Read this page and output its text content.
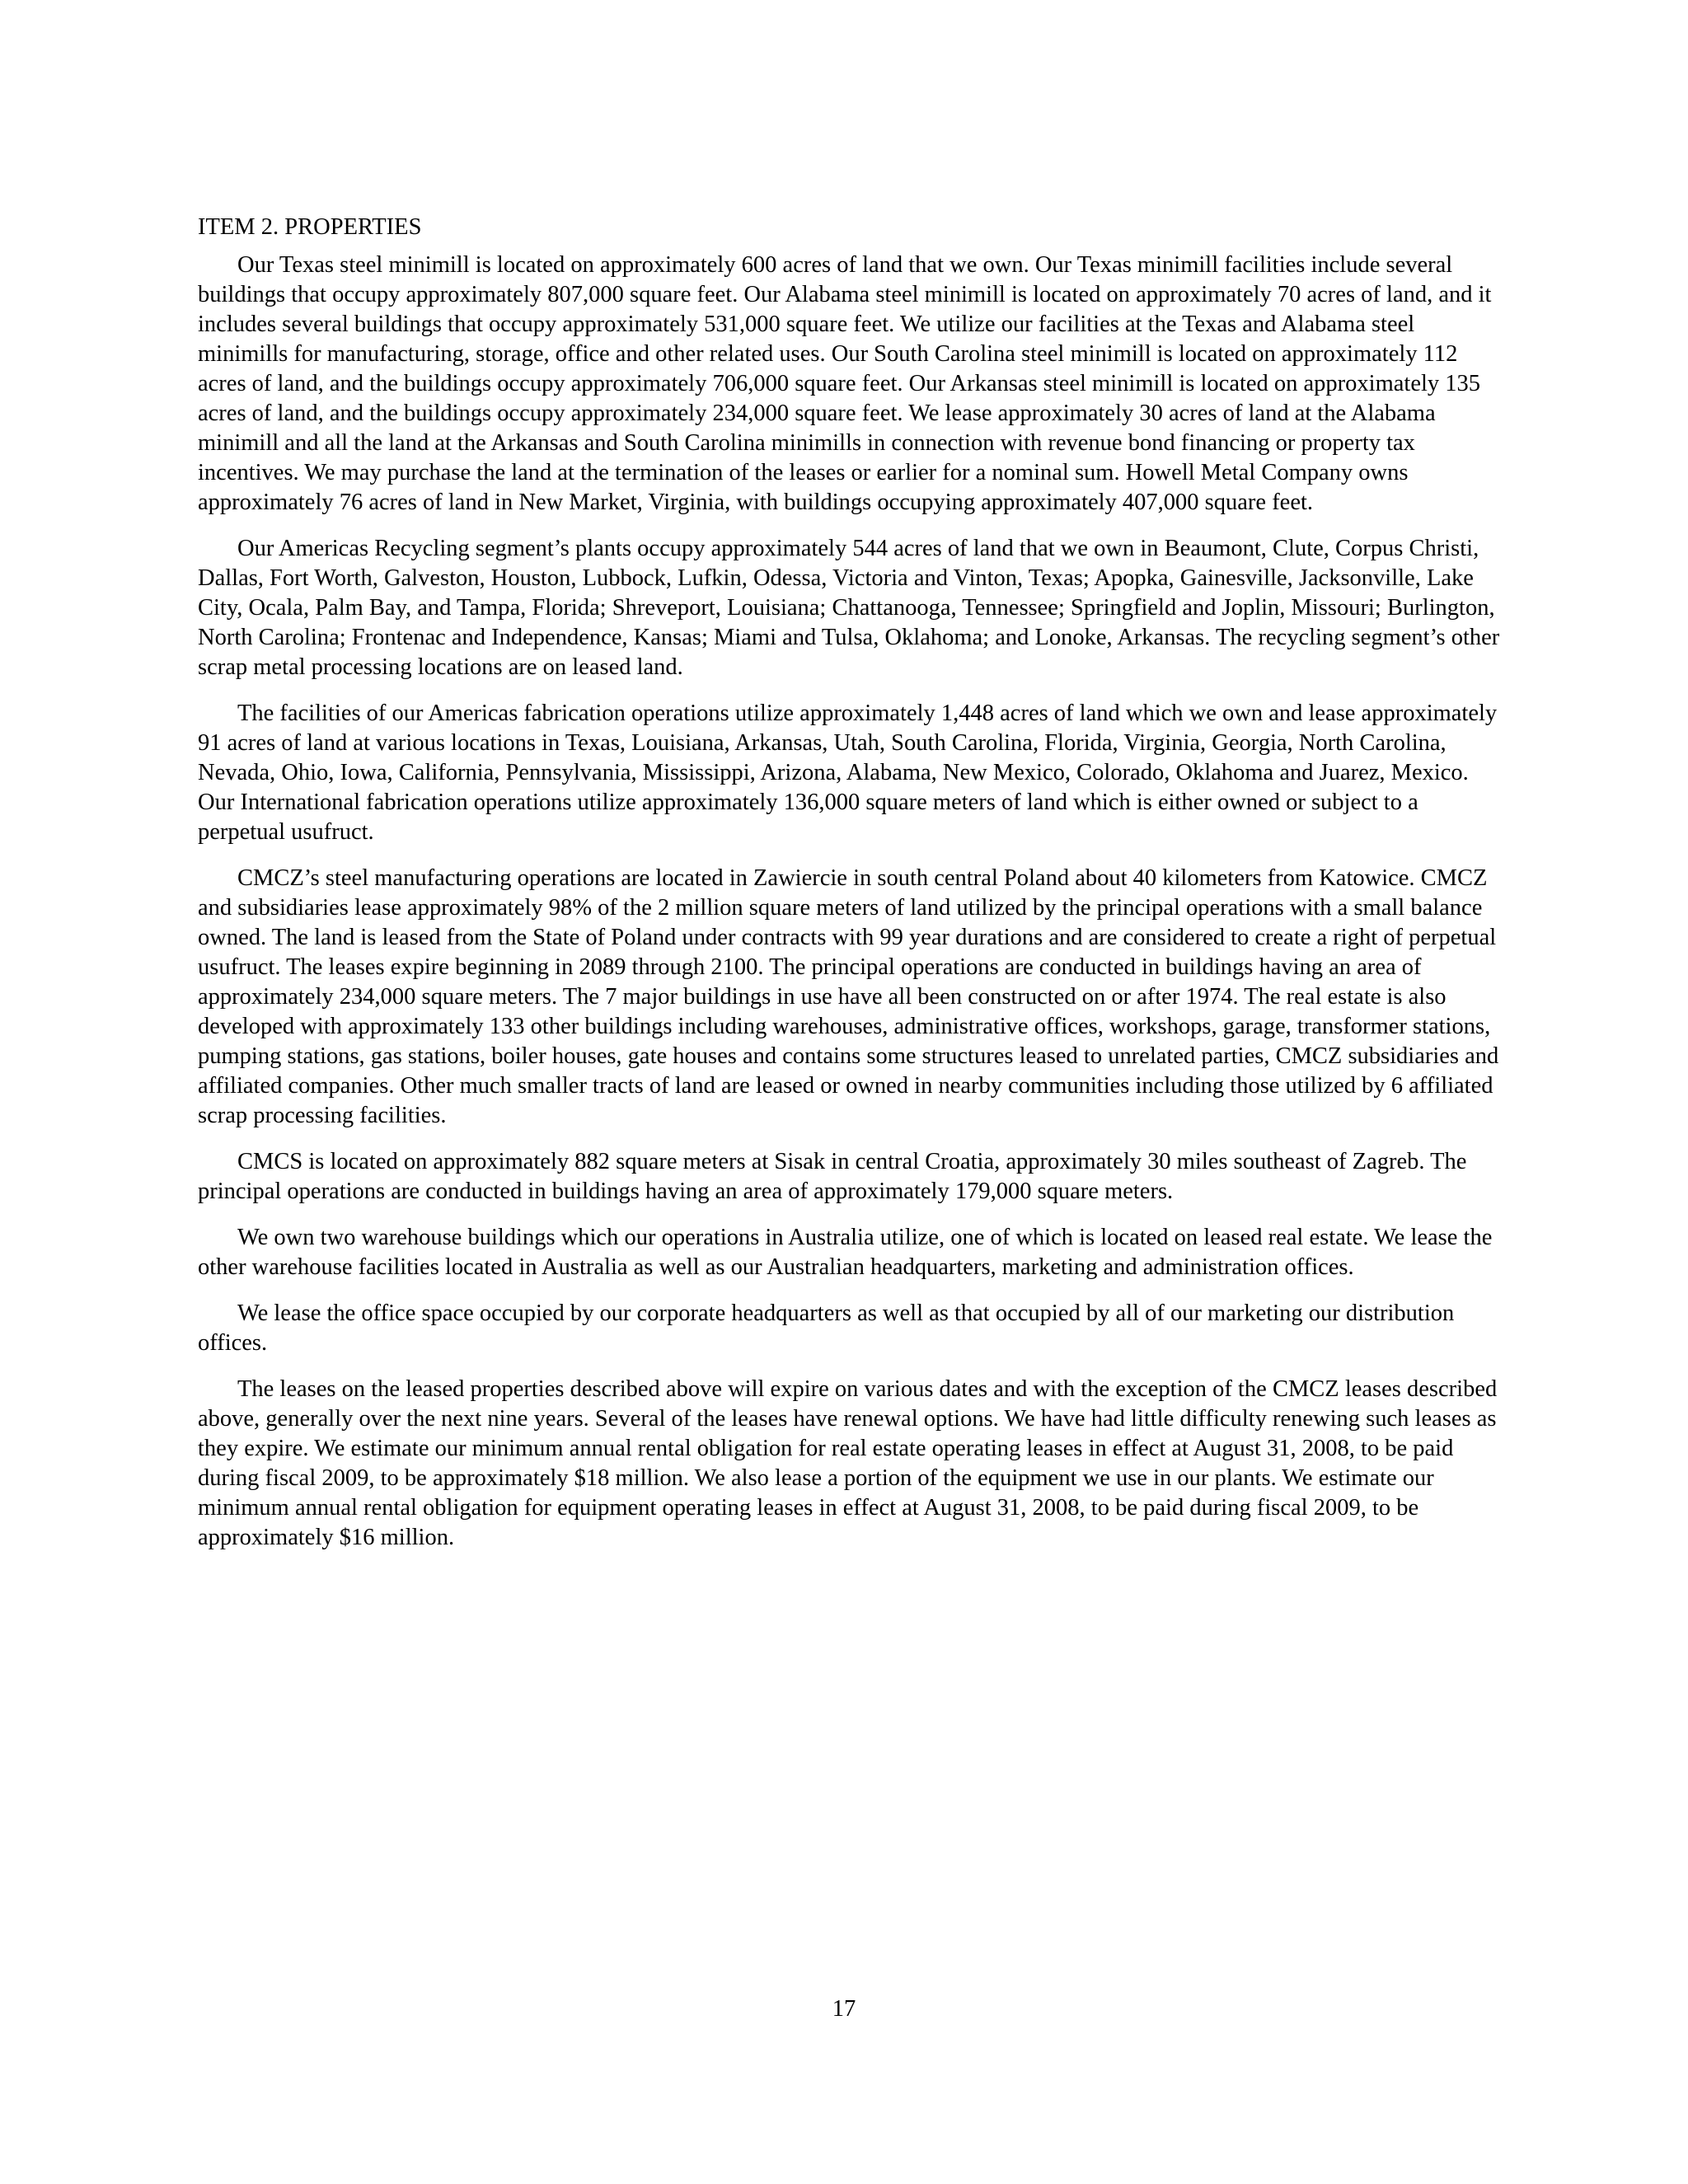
ITEM 2. PROPERTIES

Our Texas steel minimill is located on approximately 600 acres of land that we own. Our Texas minimill facilities include several buildings that occupy approximately 807,000 square feet. Our Alabama steel minimill is located on approximately 70 acres of land, and it includes several buildings that occupy approximately 531,000 square feet. We utilize our facilities at the Texas and Alabama steel minimills for manufacturing, storage, office and other related uses. Our South Carolina steel minimill is located on approximately 112 acres of land, and the buildings occupy approximately 706,000 square feet. Our Arkansas steel minimill is located on approximately 135 acres of land, and the buildings occupy approximately 234,000 square feet. We lease approximately 30 acres of land at the Alabama minimill and all the land at the Arkansas and South Carolina minimills in connection with revenue bond financing or property tax incentives. We may purchase the land at the termination of the leases or earlier for a nominal sum. Howell Metal Company owns approximately 76 acres of land in New Market, Virginia, with buildings occupying approximately 407,000 square feet.

Our Americas Recycling segment’s plants occupy approximately 544 acres of land that we own in Beaumont, Clute, Corpus Christi, Dallas, Fort Worth, Galveston, Houston, Lubbock, Lufkin, Odessa, Victoria and Vinton, Texas; Apopka, Gainesville, Jacksonville, Lake City, Ocala, Palm Bay, and Tampa, Florida; Shreveport, Louisiana; Chattanooga, Tennessee; Springfield and Joplin, Missouri; Burlington, North Carolina; Frontenac and Independence, Kansas; Miami and Tulsa, Oklahoma; and Lonoke, Arkansas. The recycling segment’s other scrap metal processing locations are on leased land.

The facilities of our Americas fabrication operations utilize approximately 1,448 acres of land which we own and lease approximately 91 acres of land at various locations in Texas, Louisiana, Arkansas, Utah, South Carolina, Florida, Virginia, Georgia, North Carolina, Nevada, Ohio, Iowa, California, Pennsylvania, Mississippi, Arizona, Alabama, New Mexico, Colorado, Oklahoma and Juarez, Mexico. Our International fabrication operations utilize approximately 136,000 square meters of land which is either owned or subject to a perpetual usufruct.

CMCZ’s steel manufacturing operations are located in Zawiercie in south central Poland about 40 kilometers from Katowice. CMCZ and subsidiaries lease approximately 98% of the 2 million square meters of land utilized by the principal operations with a small balance owned. The land is leased from the State of Poland under contracts with 99 year durations and are considered to create a right of perpetual usufruct. The leases expire beginning in 2089 through 2100. The principal operations are conducted in buildings having an area of approximately 234,000 square meters. The 7 major buildings in use have all been constructed on or after 1974. The real estate is also developed with approximately 133 other buildings including warehouses, administrative offices, workshops, garage, transformer stations, pumping stations, gas stations, boiler houses, gate houses and contains some structures leased to unrelated parties, CMCZ subsidiaries and affiliated companies. Other much smaller tracts of land are leased or owned in nearby communities including those utilized by 6 affiliated scrap processing facilities.

CMCS is located on approximately 882 square meters at Sisak in central Croatia, approximately 30 miles southeast of Zagreb. The principal operations are conducted in buildings having an area of approximately 179,000 square meters.

We own two warehouse buildings which our operations in Australia utilize, one of which is located on leased real estate. We lease the other warehouse facilities located in Australia as well as our Australian headquarters, marketing and administration offices.

We lease the office space occupied by our corporate headquarters as well as that occupied by all of our marketing our distribution offices.

The leases on the leased properties described above will expire on various dates and with the exception of the CMCZ leases described above, generally over the next nine years. Several of the leases have renewal options. We have had little difficulty renewing such leases as they expire. We estimate our minimum annual rental obligation for real estate operating leases in effect at August 31, 2008, to be paid during fiscal 2009, to be approximately $18 million. We also lease a portion of the equipment we use in our plants. We estimate our minimum annual rental obligation for equipment operating leases in effect at August 31, 2008, to be paid during fiscal 2009, to be approximately $16 million.

17
